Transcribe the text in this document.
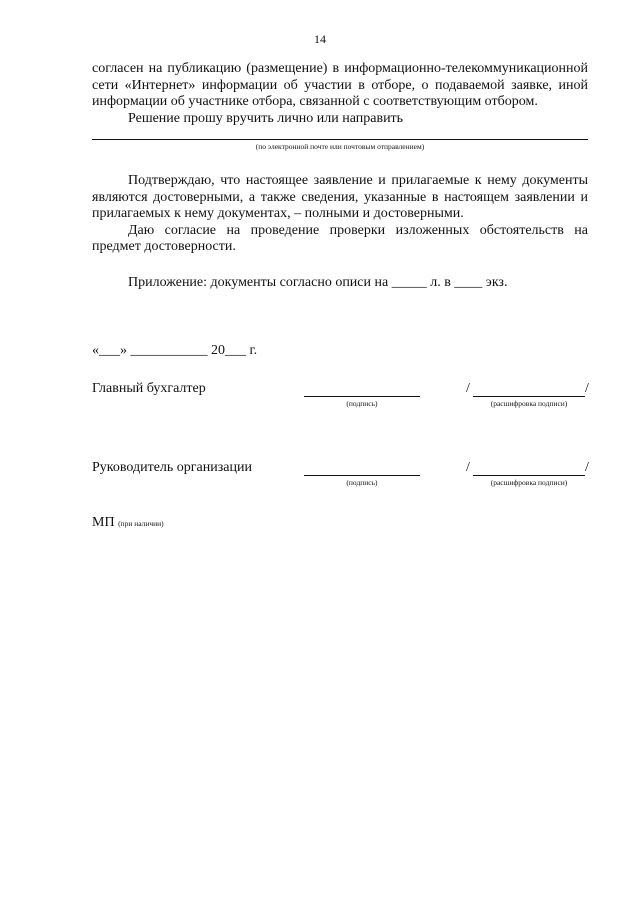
14

согласен на публикацию (размещение) в информационно-телекоммуникационной сети «Интернет» информации об участии в отборе, о подаваемой заявке, иной информации об участнике отбора, связанной с соответствующим отбором.

Решение прошу вручить лично или направить

(по электронной почте или почтовым отправлением)

Подтверждаю, что настоящее заявление и прилагаемые к нему документы являются достоверными, а также сведения, указанные в настоящем заявлении и прилагаемых к нему документах, – полными и достоверными.

Даю согласие на проведение проверки изложенных обстоятельств на предмет достоверности.

Приложение: документы согласно описи на _____ л. в ____ экз.

«___» ___________ 20___ г.

Главный бухгалтер
(подпись)
/	/
(расшифровка подписи)
Руководитель организации
(подпись)
/	/
(расшифровка подписи)
МП (при наличии)
